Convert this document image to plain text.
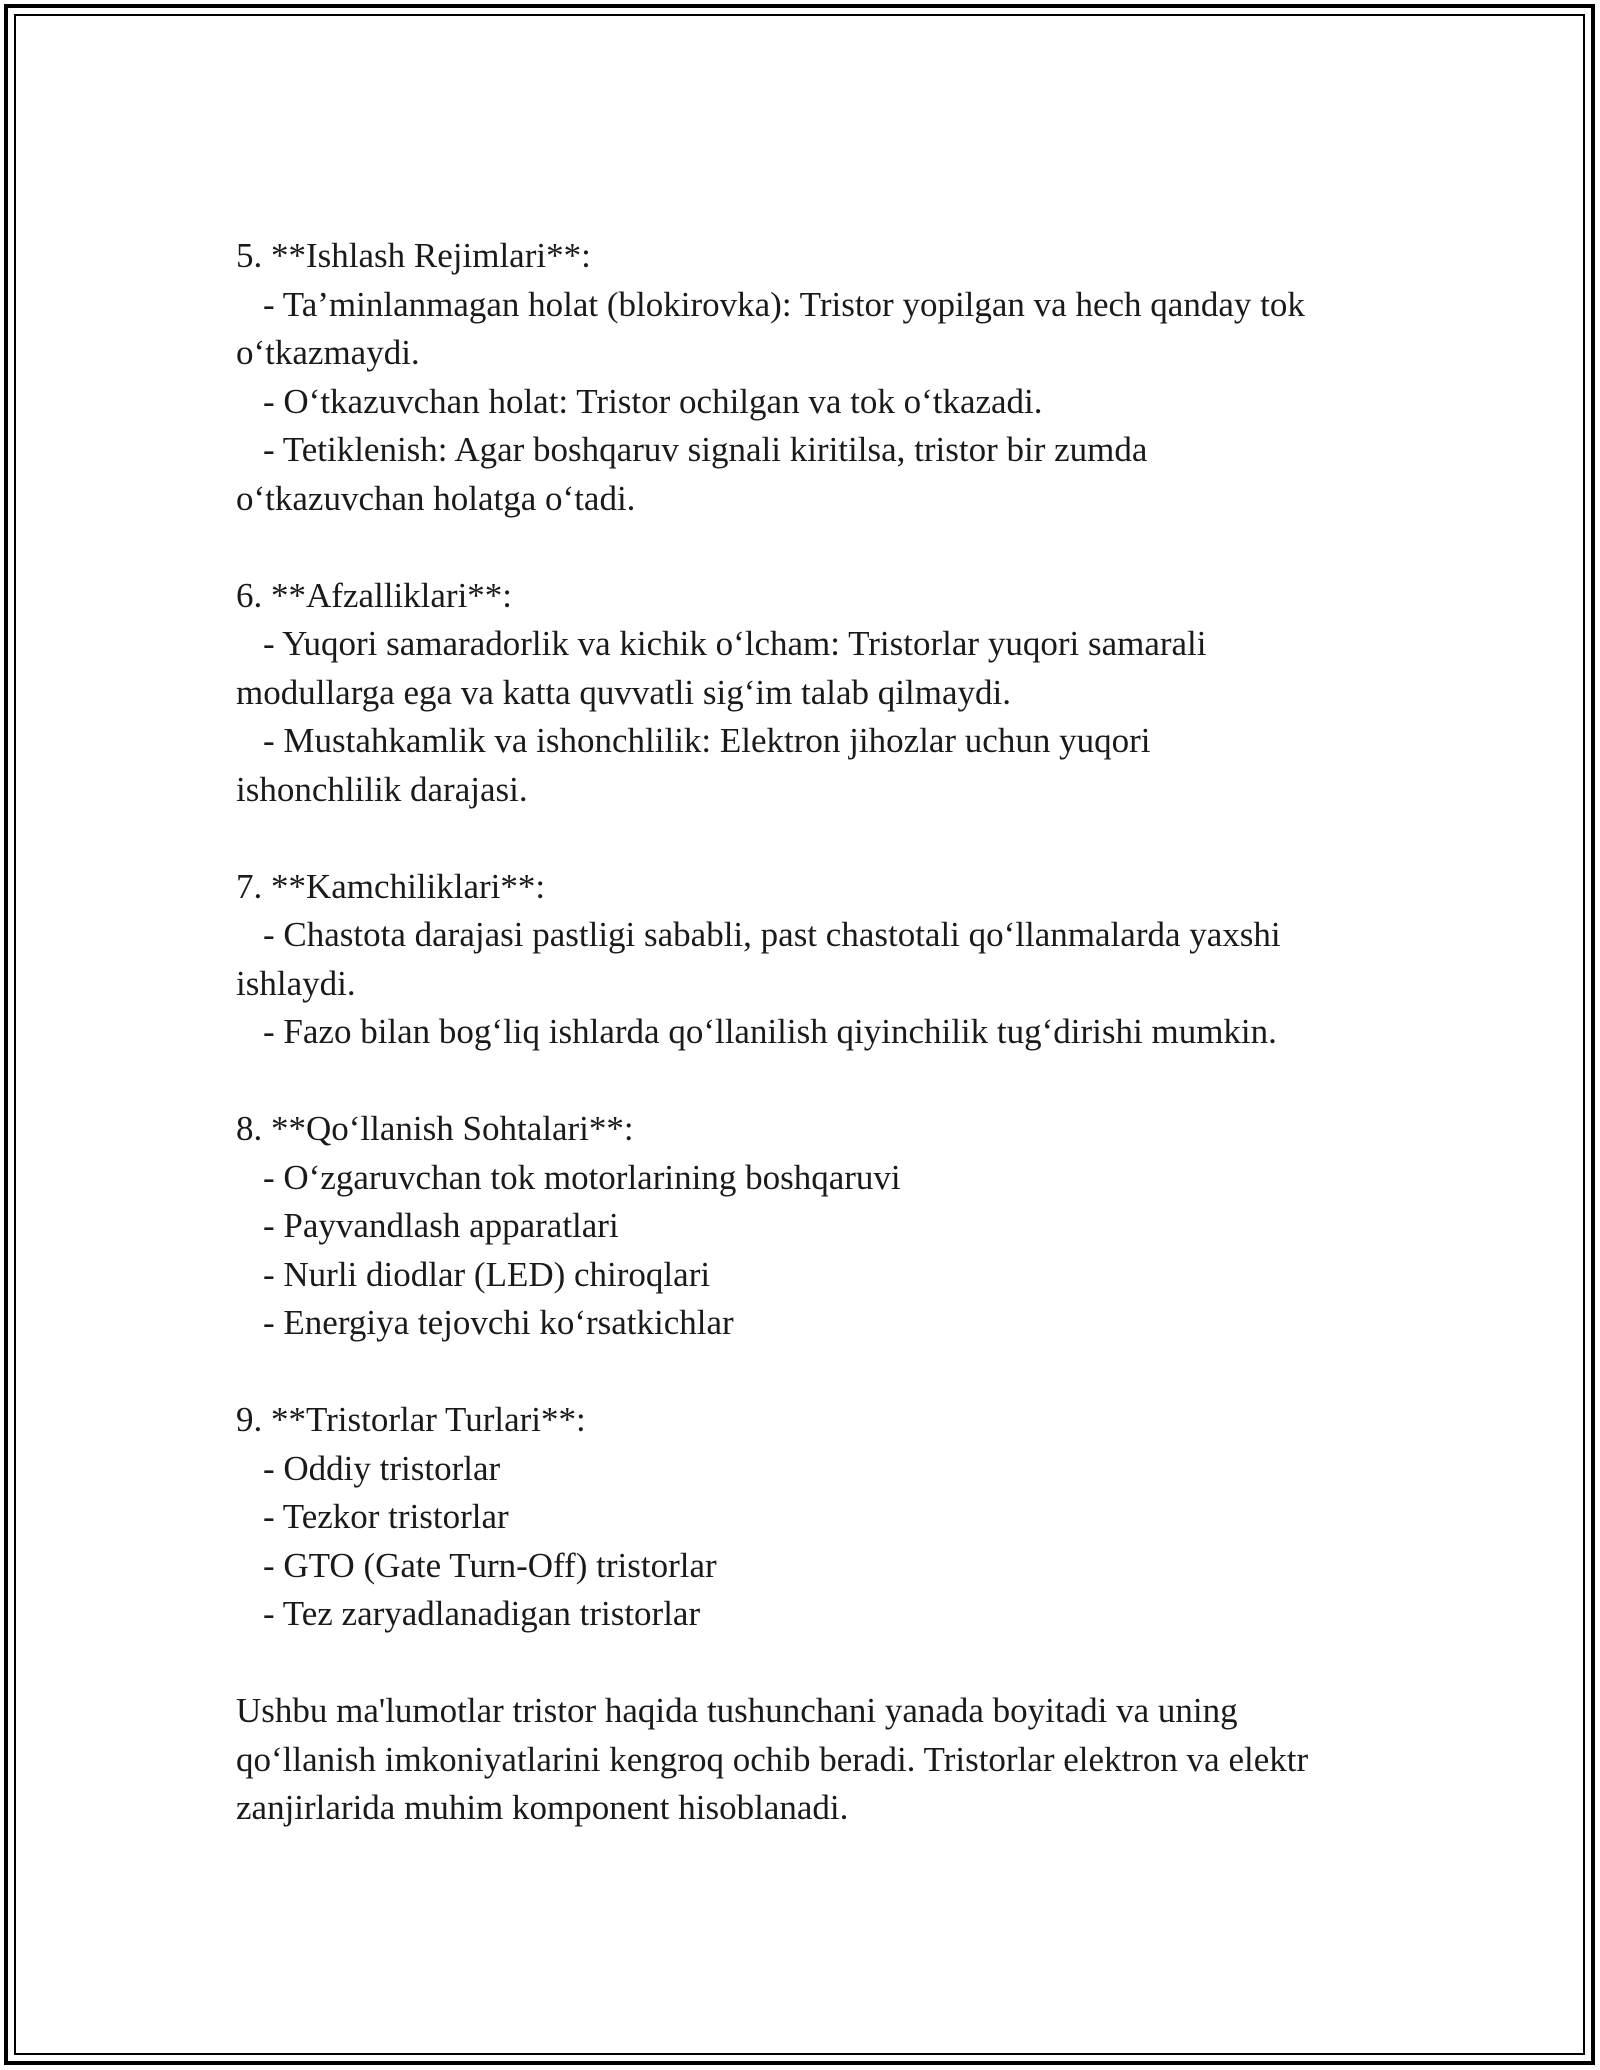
5. **Ishlash Rejimlari**:
- Ta’minlanmagan holat (blokirovka): Tristor yopilgan va hech qanday tok
o‘tkazmaydi.
- O‘tkazuvchan holat: Tristor ochilgan va tok o‘tkazadi.
- Tetiklenish: Agar boshqaruv signali kiritilsa, tristor bir zumda
o‘tkazuvchan holatga o‘tadi.
6. **Afzalliklari**:
- Yuqori samaradorlik va kichik o‘lcham: Tristorlar yuqori samarali
modullarga ega va katta quvvatli sig‘im talab qilmaydi.
- Mustahkamlik va ishonchlilik: Elektron jihozlar uchun yuqori
ishonchlilik darajasi.
7. **Kamchiliklari**:
- Chastota darajasi pastligi sababli, past chastotali qo‘llanmalarda yaxshi
ishlaydi.
- Fazo bilan bog‘liq ishlarda qo‘llanilish qiyinchilik tug‘dirishi mumkin.
8. **Qo‘llanish Sohtalari**:
- O‘zgaruvchan tok motorlarining boshqaruvi
- Payvandlash apparatlari
- Nurli diodlar (LED) chiroqlari
- Energiya tejovchi ko‘rsatkichlar
9. **Tristorlar Turlari**:
- Oddiy tristorlar
- Tezkor tristorlar
- GTO (Gate Turn-Off) tristorlar
- Tez zaryadlanadigan tristorlar
Ushbu ma'lumotlar tristor haqida tushunchani yanada boyitadi va uning
qo‘llanish imkoniyatlarini kengroq ochib beradi. Tristorlar elektron va elektr
zanjirlarida muhim komponent hisoblanadi.
